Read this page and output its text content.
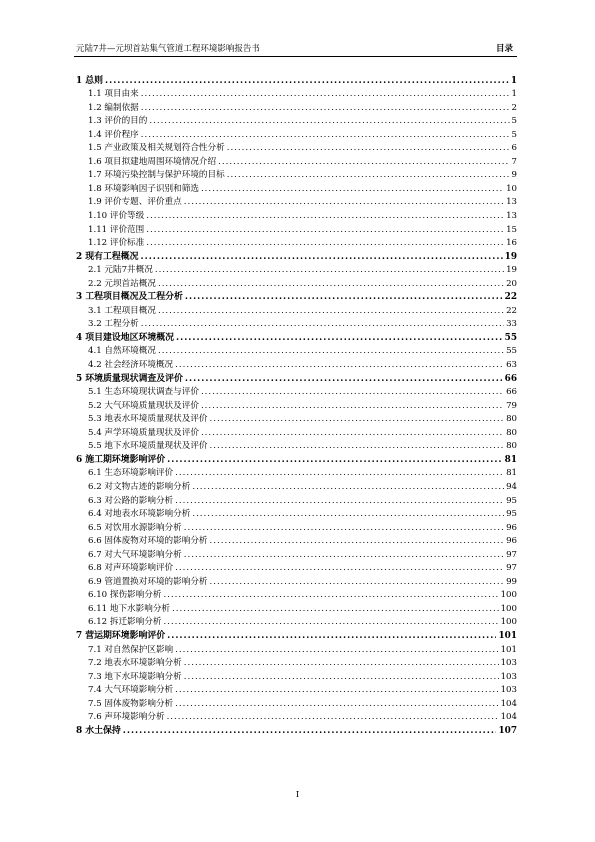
元陆7井—元坝首站集气管道工程环境影响报告书	目录
1 总则 .....	1
1.1 项目由来 .....	1
1.2 编制依据 .....	2
1.3 评价的目的 .....	5
1.4 评价程序 .....	5
1.5 产业政策及相关规划符合性分析 .....	6
1.6 项目拟建地周围环境情况介绍 .....	7
1.7 环境污染控制与保护环境的目标 .....	9
1.8 环境影响因子识别和筛选 .....	10
1.9 评价专题、评价重点 .....	13
1.10 评价等级 .....	13
1.11 评价范围 .....	15
1.12 评价标准 .....	16
2 现有工程概况 .....	19
2.1 元陆7井概况 .....	19
2.2 元坝首站概况 .....	20
3 工程项目概况及工程分析 .....	22
3.1 工程项目概况 .....	22
3.2 工程分析 .....	33
4 项目建设地区环境概况 .....	55
4.1 自然环境概况 .....	55
4.2 社会经济环境概况 .....	63
5 环境质量现状调查及评价 .....	66
5.1 生态环境现状调查与评价 .....	66
5.2 大气环境质量现状及评价 .....	79
5.3 地表水环境质量现状及评价 .....	80
5.4 声学环境质量现状及评价 .....	80
5.5 地下水环境质量现状及评价 .....	80
6 施工期环境影响评价 .....	81
6.1 生态环境影响评价 .....	81
6.2 对文物古迹的影响分析 .....	94
6.3 对公路的影响分析 .....	95
6.4 对地表水环境影响分析 .....	95
6.5 对饮用水源影响分析 .....	96
6.6 固体废物对环境的影响分析 .....	96
6.7 对大气环境影响分析 .....	97
6.8 对声环境影响评价 .....	97
6.9 管道置换对环境的影响分析 .....	99
6.10 探伤影响分析 .....	100
6.11 地下水影响分析 .....	100
6.12 拆迁影响分析 .....	100
7 营运期环境影响评价 .....	101
7.1 对自然保护区影响 .....	101
7.2 地表水环境影响分析 .....	103
7.3 地下水环境影响分析 .....	103
7.4 大气环境影响分析 .....	103
7.5 固体废物影响分析 .....	104
7.6 声环境影响分析 .....	104
8 水土保持 .....	107
I
